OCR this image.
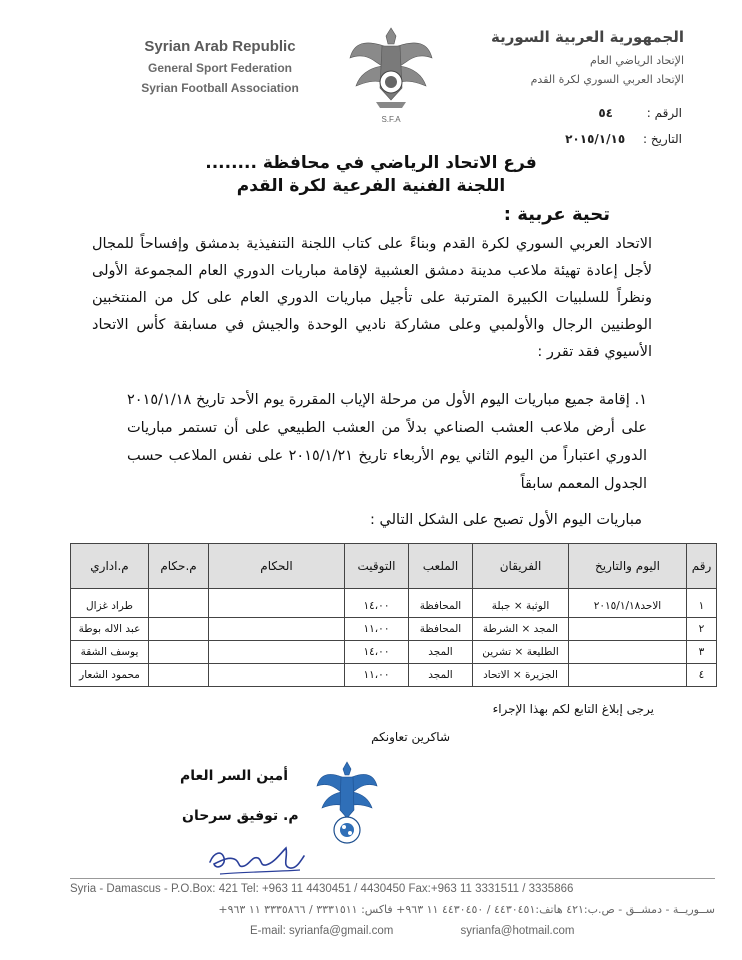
Syrian Arab Republic
General Sport Federation
Syrian Football Association
S.F.A
الجمهورية العربية السورية
الإتحاد الرياضي العام
الإتحاد العربي السوري لكرة القدم
الرقم : ٥٤
التاريخ : ٢٠١٥/١/١٥
فرع الاتحاد الرياضي في محافظة ........
اللجنة الفنية الفرعية لكرة القدم
تحية عربية :
الاتحاد العربي السوري لكرة القدم وبناءً على كتاب اللجنة التنفيذية بدمشق وإفساحاً للمجال لأجل إعادة تهيئة ملاعب مدينة دمشق العشبية لإقامة مباريات الدوري العام المجموعة الأولى ونظراً للسلبيات الكبيرة المترتبة على تأجيل مباريات الدوري العام على كل من المنتخبين الوطنيين الرجال والأولمبي وعلى مشاركة ناديي الوحدة والجيش في مسابقة كأس الاتحاد الأسيوي فقد تقرر :
١. إقامة جميع مباريات اليوم الأول من مرحلة الإياب المقررة يوم الأحد تاريخ ٢٠١٥/١/١٨ على أرض ملاعب العشب الصناعي بدلاً من العشب الطبيعي على أن تستمر مباريات الدوري اعتباراً من اليوم الثاني يوم الأربعاء تاريخ ٢٠١٥/١/٢١ على نفس الملاعب حسب الجدول المعمم سابقاً
مباريات اليوم الأول تصبح على الشكل التالي :
رقم	اليوم والتاريخ	الفريقان	الملعب	التوقيت	الحكام	م.حكام	م.اداري
١	الاحد٢٠١٥/١/١٨	الوثبة × جبلة	المحافظة	١٤،٠٠			طراد غزال
٢		المجد × الشرطة	المحافظة	١١،٠٠			عبد الاله بوطة
٣		الطليعة × تشرين	المجد	١٤،٠٠			يوسف الشقة
٤		الجزيرة × الاتحاد	المجد	١١،٠٠			محمود الشعار
يرجى إبلاغ التابع لكم بهذا الإجراء
شاكرين تعاونكم
أمين السر العام
م. توفيق سرحان
Syria - Damascus - P.O.Box: 421 Tel: +963 11 4430451 / 4430450 Fax:+963 11 3331511 / 3335866
ســوريــة - دمشــق - ص.ب:٤٢١ هاتف:٤٤٣٠٤٥١ / ٤٤٣٠٤٥٠ ١١ ٩٦٣+ فاكس: ٣٣٣١٥١١ / ٣٣٣٥٨٦٦ ١١ ٩٦٣+
E-mail: syrianfa@gmail.com	syrianfa@hotmail.com
